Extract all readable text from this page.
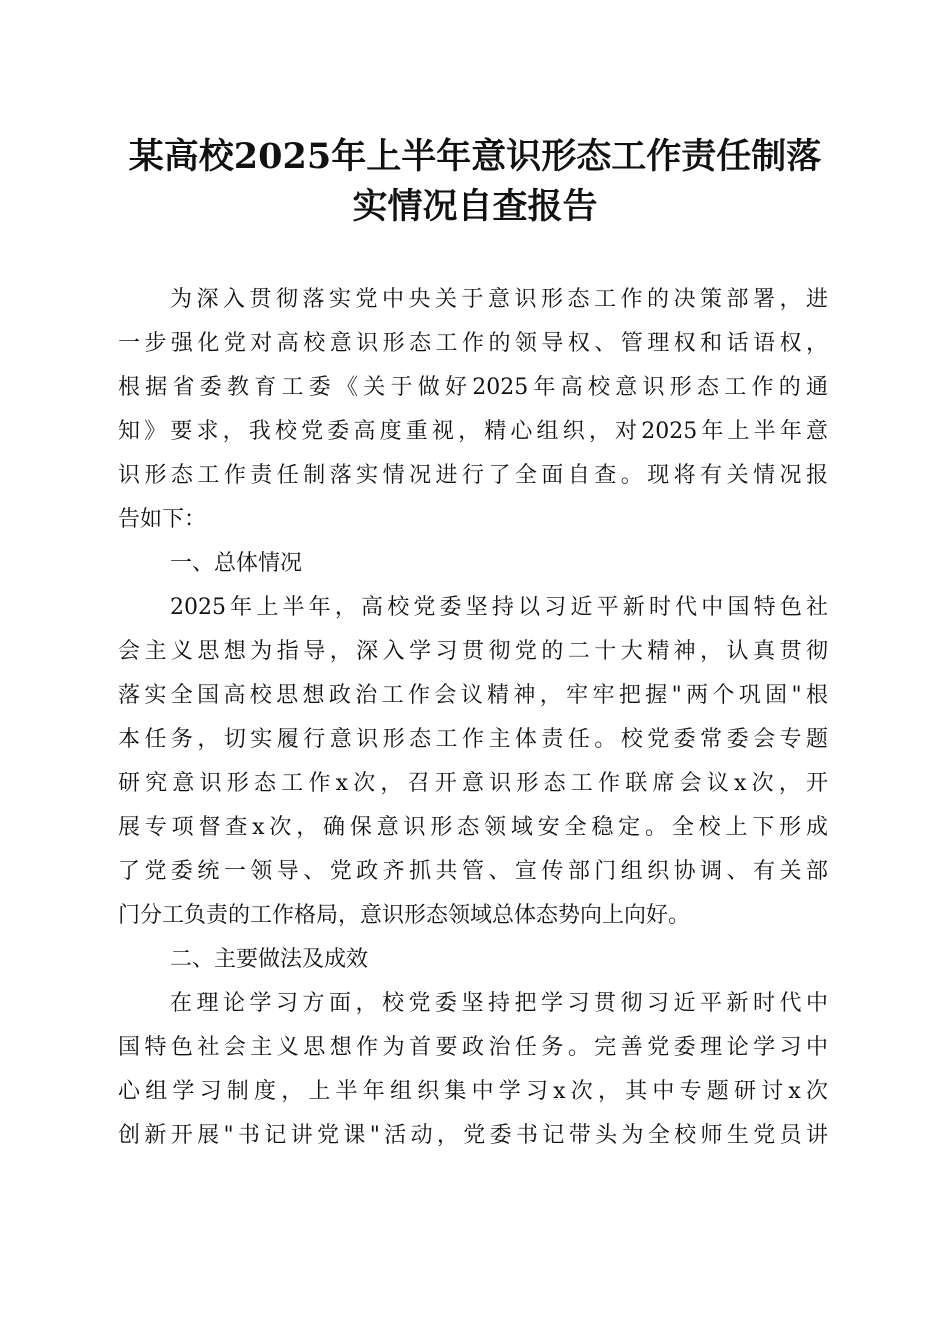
某高校2025年上半年意识形态工作责任制落
实情况自查报告
为深入贯彻落实党中央关于意识形态工作的决策部署，进
一步强化党对高校意识形态工作的领导权、管理权和话语权，
根据省委教育工委《关于做好2025年高校意识形态工作的通
知》要求，我校党委高度重视，精心组织，对2025年上半年意
识形态工作责任制落实情况进行了全面自查。现将有关情况报
告如下：
一、总体情况
2025年上半年，高校党委坚持以习近平新时代中国特色社
会主义思想为指导，深入学习贯彻党的二十大精神，认真贯彻
落实全国高校思想政治工作会议精神，牢牢把握"两个巩固"根
本任务，切实履行意识形态工作主体责任。校党委常委会专题
研究意识形态工作x次，召开意识形态工作联席会议x次，开
展专项督查x次，确保意识形态领域安全稳定。全校上下形成
了党委统一领导、党政齐抓共管、宣传部门组织协调、有关部
门分工负责的工作格局，意识形态领域总体态势向上向好。
二、主要做法及成效
在理论学习方面，校党委坚持把学习贯彻习近平新时代中
国特色社会主义思想作为首要政治任务。完善党委理论学习中
心组学习制度，上半年组织集中学习x次，其中专题研讨x次
创新开展"书记讲党课"活动，党委书记带头为全校师生党员讲
